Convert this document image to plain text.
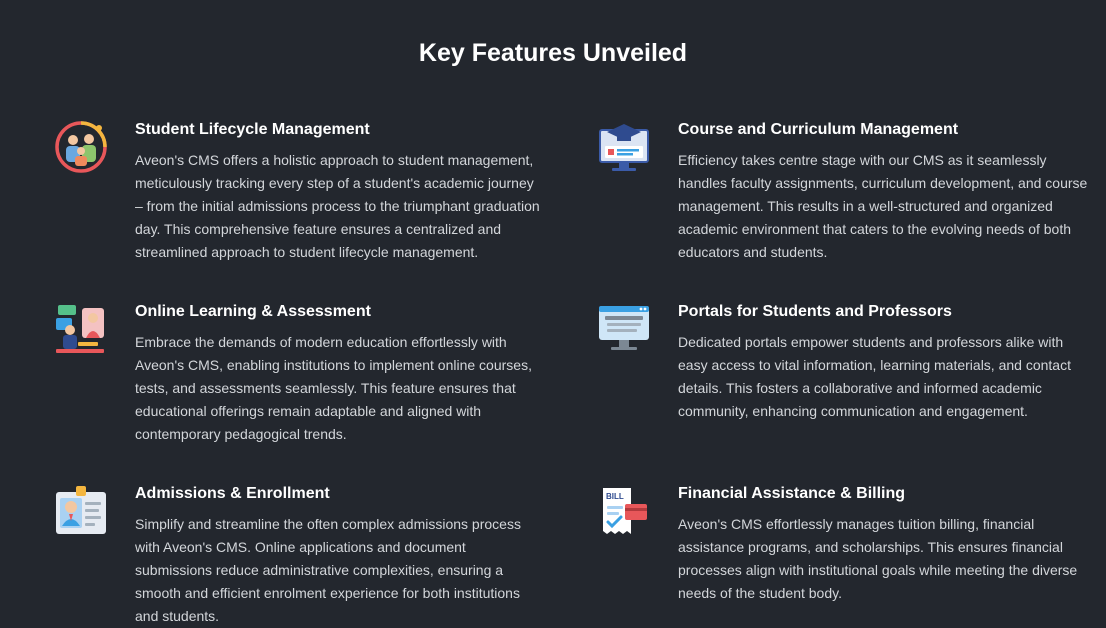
Key Features Unveiled
Student Lifecycle Management

Aveon's CMS offers a holistic approach to student management, meticulously tracking every step of a student's academic journey – from the initial admissions process to the triumphant graduation day. This comprehensive feature ensures a centralized and streamlined approach to student lifecycle management.

Course and Curriculum Management

Efficiency takes centre stage with our CMS as it seamlessly handles faculty assignments, curriculum development, and course management. This results in a well-structured and organized academic environment that caters to the evolving needs of both educators and students.

Online Learning & Assessment

Embrace the demands of modern education effortlessly with Aveon's CMS, enabling institutions to implement online courses, tests, and assessments seamlessly. This feature ensures that educational offerings remain adaptable and aligned with contemporary pedagogical trends.

Portals for Students and Professors

Dedicated portals empower students and professors alike with easy access to vital information, learning materials, and contact details. This fosters a collaborative and informed academic community, enhancing communication and engagement.

Admissions & Enrollment

Simplify and streamline the often complex admissions process with Aveon's CMS. Online applications and document submissions reduce administrative complexities, ensuring a smooth and efficient enrolment experience for both institutions and students.

BILL	Financial Assistance & Billing

Aveon's CMS effortlessly manages tuition billing, financial assistance programs, and scholarships. This ensures financial processes align with institutional goals while meeting the diverse needs of the student body.
